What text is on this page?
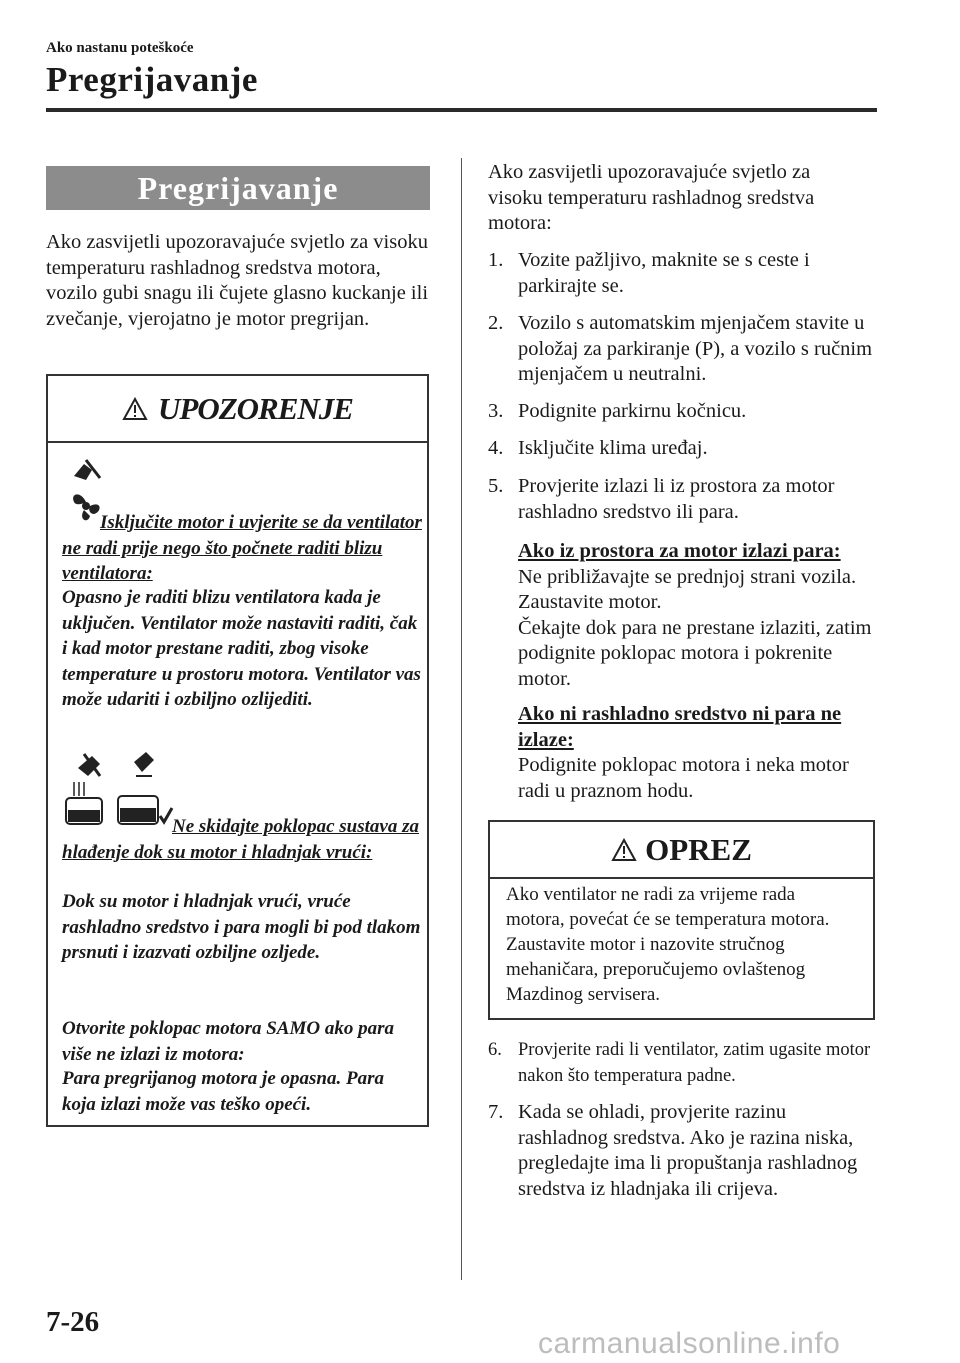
Ako nastanu poteškoće
Pregrijavanje
Pregrijavanje
Ako zasvijetli upozoravajuće svjetlo za visoku temperaturu rashladnog sredstva motora, vozilo gubi snagu ili čujete glasno kuckanje ili zvečanje, vjerojatno je motor pregrijan.
UPOZORENJE
Isključite motor i uvjerite se da ventilator ne radi prije nego što počnete raditi blizu ventilatora:
Opasno je raditi blizu ventilatora kada je uključen. Ventilator može nastaviti raditi, čak i kad motor prestane raditi, zbog visoke temperature u prostoru motora. Ventilator vas može udariti i ozbiljno ozlijediti.
Ne skidajte poklopac sustava za hlađenje dok su motor i hladnjak vrući:
Dok su motor i hladnjak vrući, vruće rashladno sredstvo i para mogli bi pod tlakom prsnuti i izazvati ozbiljne ozljede.
Otvorite poklopac motora SAMO ako para više ne izlazi iz motora:
Para pregrijanog motora je opasna. Para koja izlazi može vas teško opeći.
Ako zasvijetli upozoravajuće svjetlo za visoku temperaturu rashladnog sredstva motora:
1. Vozite pažljivo, maknite se s ceste i parkirajte se.
2. Vozilo s automatskim mjenjačem stavite u položaj za parkiranje (P), a vozilo s ručnim mjenjačem u neutralni.
3. Podignite parkirnu kočnicu.
4. Isključite klima uređaj.
5. Provjerite izlazi li iz prostora za motor rashladno sredstvo ili para.
Ako iz prostora za motor izlazi para:
Ne približavajte se prednjoj strani vozila. Zaustavite motor.
Čekajte dok para ne prestane izlaziti, zatim podignite poklopac motora i pokrenite motor.
Ako ni rashladno sredstvo ni para ne izlaze:
Podignite poklopac motora i neka motor radi u praznom hodu.
OPREZ
Ako ventilator ne radi za vrijeme rada motora, povećat će se temperatura motora. Zaustavite motor i nazovite stručnog mehaničara, preporučujemo ovlaštenog Mazdinog servisera.
6. Provjerite radi li ventilator, zatim ugasite motor nakon što temperatura padne.
7. Kada se ohladi, provjerite razinu rashladnog sredstva. Ako je razina niska, pregledajte ima li propuštanja rashladnog sredstva iz hladnjaka ili crijeva.
7-26
carmanualsonline.info
